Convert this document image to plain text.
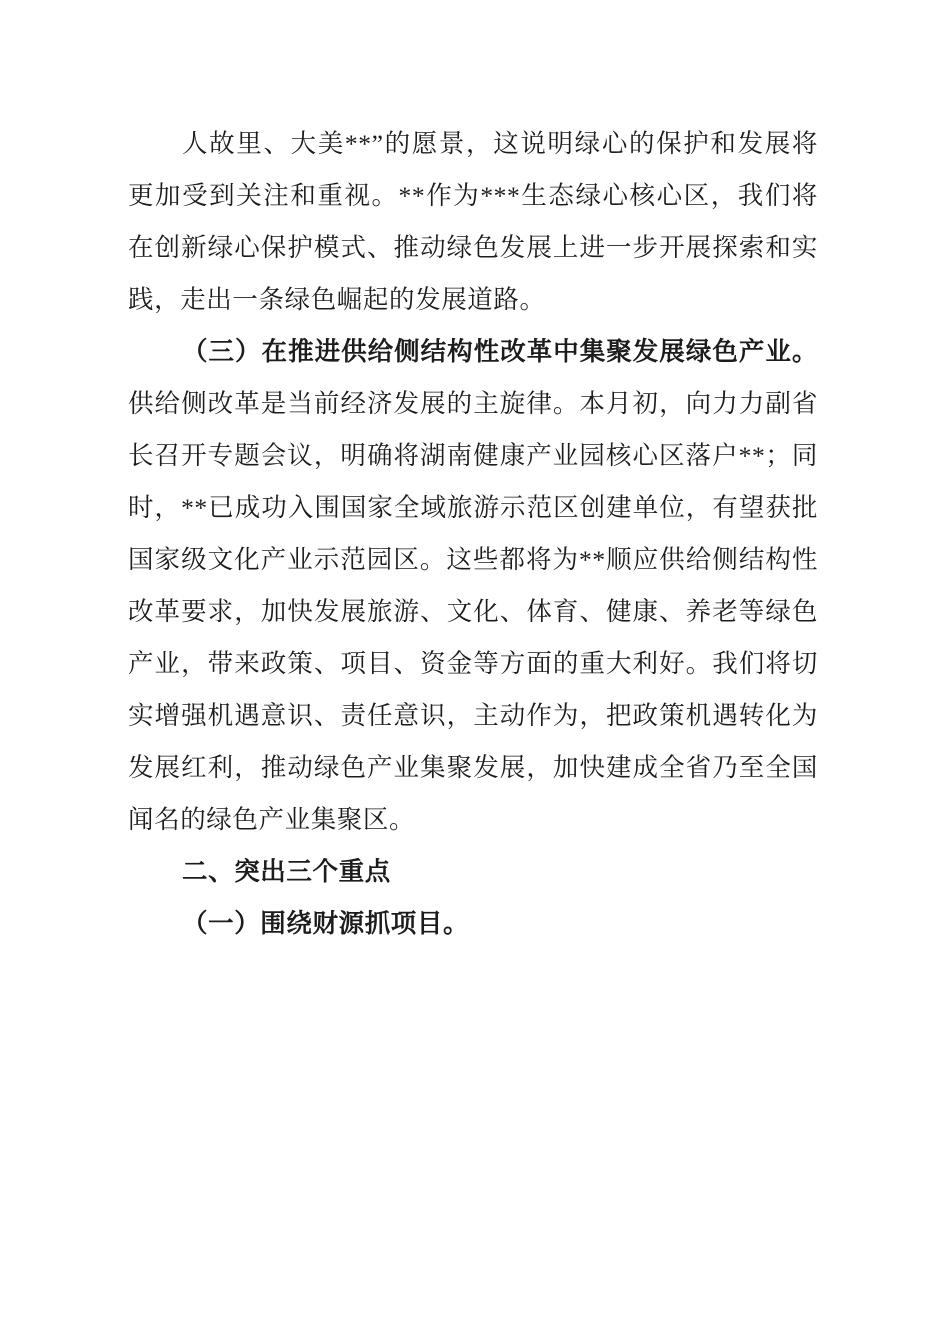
人故里、大美**”的愿景，这说明绿心的保护和发展将更加受到关注和重视。**作为***生态绿心核心区，我们将在创新绿心保护模式、推动绿色发展上进一步开展探索和实践，走出一条绿色崛起的发展道路。

（三）在推进供给侧结构性改革中集聚发展绿色产业。供给侧改革是当前经济发展的主旋律。本月初，向力力副省长召开专题会议，明确将湖南健康产业园核心区落户**；同时，**已成功入围国家全域旅游示范区创建单位，有望获批国家级文化产业示范园区。这些都将为**顺应供给侧结构性改革要求，加快发展旅游、文化、体育、健康、养老等绿色产业，带来政策、项目、资金等方面的重大利好。我们将切实增强机遇意识、责任意识，主动作为，把政策机遇转化为发展红利，推动绿色产业集聚发展，加快建成全省乃至全国闻名的绿色产业集聚区。

二、突出三个重点

（一）围绕财源抓项目。
